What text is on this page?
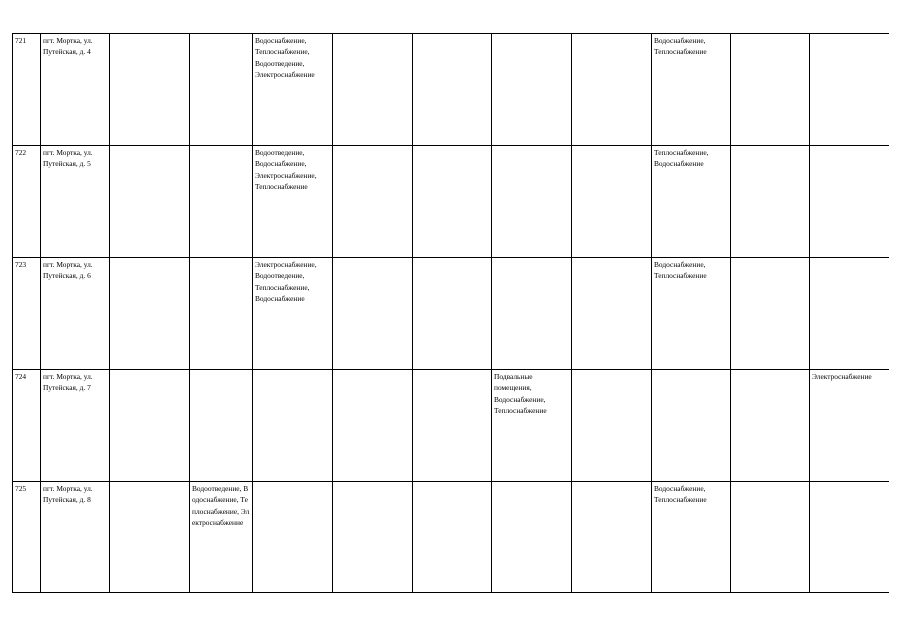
721	пгт. Мортка, ул. Путейская, д. 4			Водоснабжение, Теплоснабжение, Водоотведение, Электроснабжение					Водоснабжение, Теплоснабжение		
722	пгт. Мортка, ул. Путейская, д. 5			Водоотведение, Водоснабжение, Электроснабжение, Теплоснабжение					Теплоснабжение, Водоснабжение		
723	пгт. Мортка, ул. Путейская, д. 6			Электроснабжение, Водоотведение, Теплоснабжение, Водоснабжение					Водоснабжение, Теплоснабжение		
724	пгт. Мортка, ул. Путейская, д. 7						Подвальные помещения, Водоснабжение, Теплоснабжение				Электроснабжение
725	пгт. Мортка, ул. Путейская, д. 8		Водоотведение, Водоснабжение, Теплоснабжение, Электроснабжение						Водоснабжение, Теплоснабжение		
